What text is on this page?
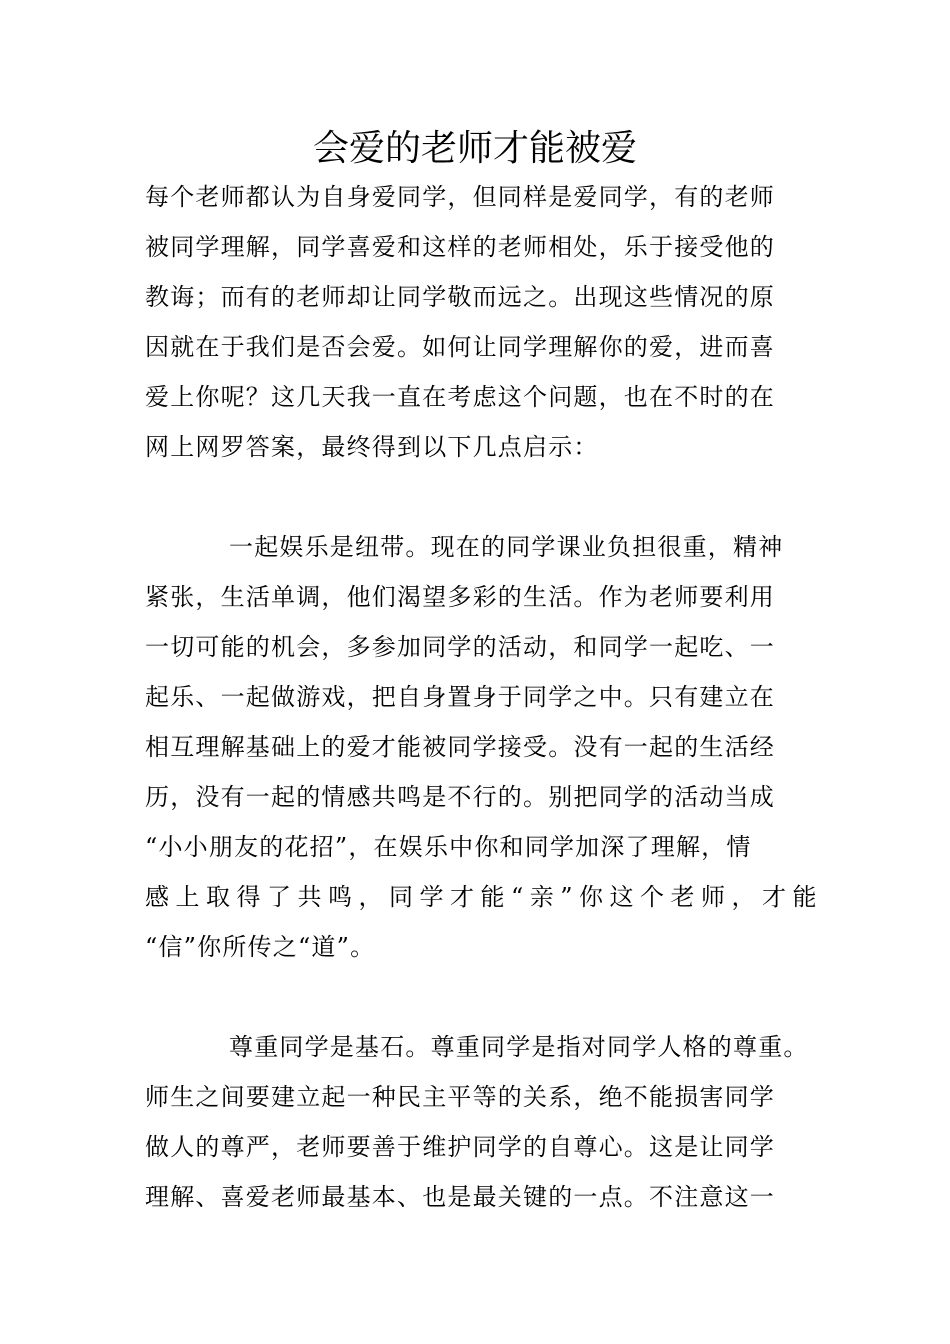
会爱的老师才能被爱
每个老师都认为自身爱同学，但同样是爱同学，有的老师
被同学理解，同学喜爱和这样的老师相处，乐于接受他的
教诲；而有的老师却让同学敬而远之。出现这些情况的原
因就在于我们是否会爱。如何让同学理解你的爱，进而喜
爱上你呢？这几天我一直在考虑这个问题，也在不时的在
网上网罗答案，最终得到以下几点启示：
一起娱乐是纽带。现在的同学课业负担很重，精神
紧张，生活单调，他们渴望多彩的生活。作为老师要利用
一切可能的机会，多参加同学的活动，和同学一起吃、一
起乐、一起做游戏，把自身置身于同学之中。只有建立在
相互理解基础上的爱才能被同学接受。没有一起的生活经
历，没有一起的情感共鸣是不行的。别把同学的活动当成
“小小朋友的花招”，在娱乐中你和同学加深了理解，情
感上取得了共鸣，同学才能“亲”你这个老师，才能
“信”你所传之“道”。
尊重同学是基石。尊重同学是指对同学人格的尊重。
师生之间要建立起一种民主平等的关系，绝不能损害同学
做人的尊严，老师要善于维护同学的自尊心。这是让同学
理解、喜爱老师最基本、也是最关键的一点。不注意这一
